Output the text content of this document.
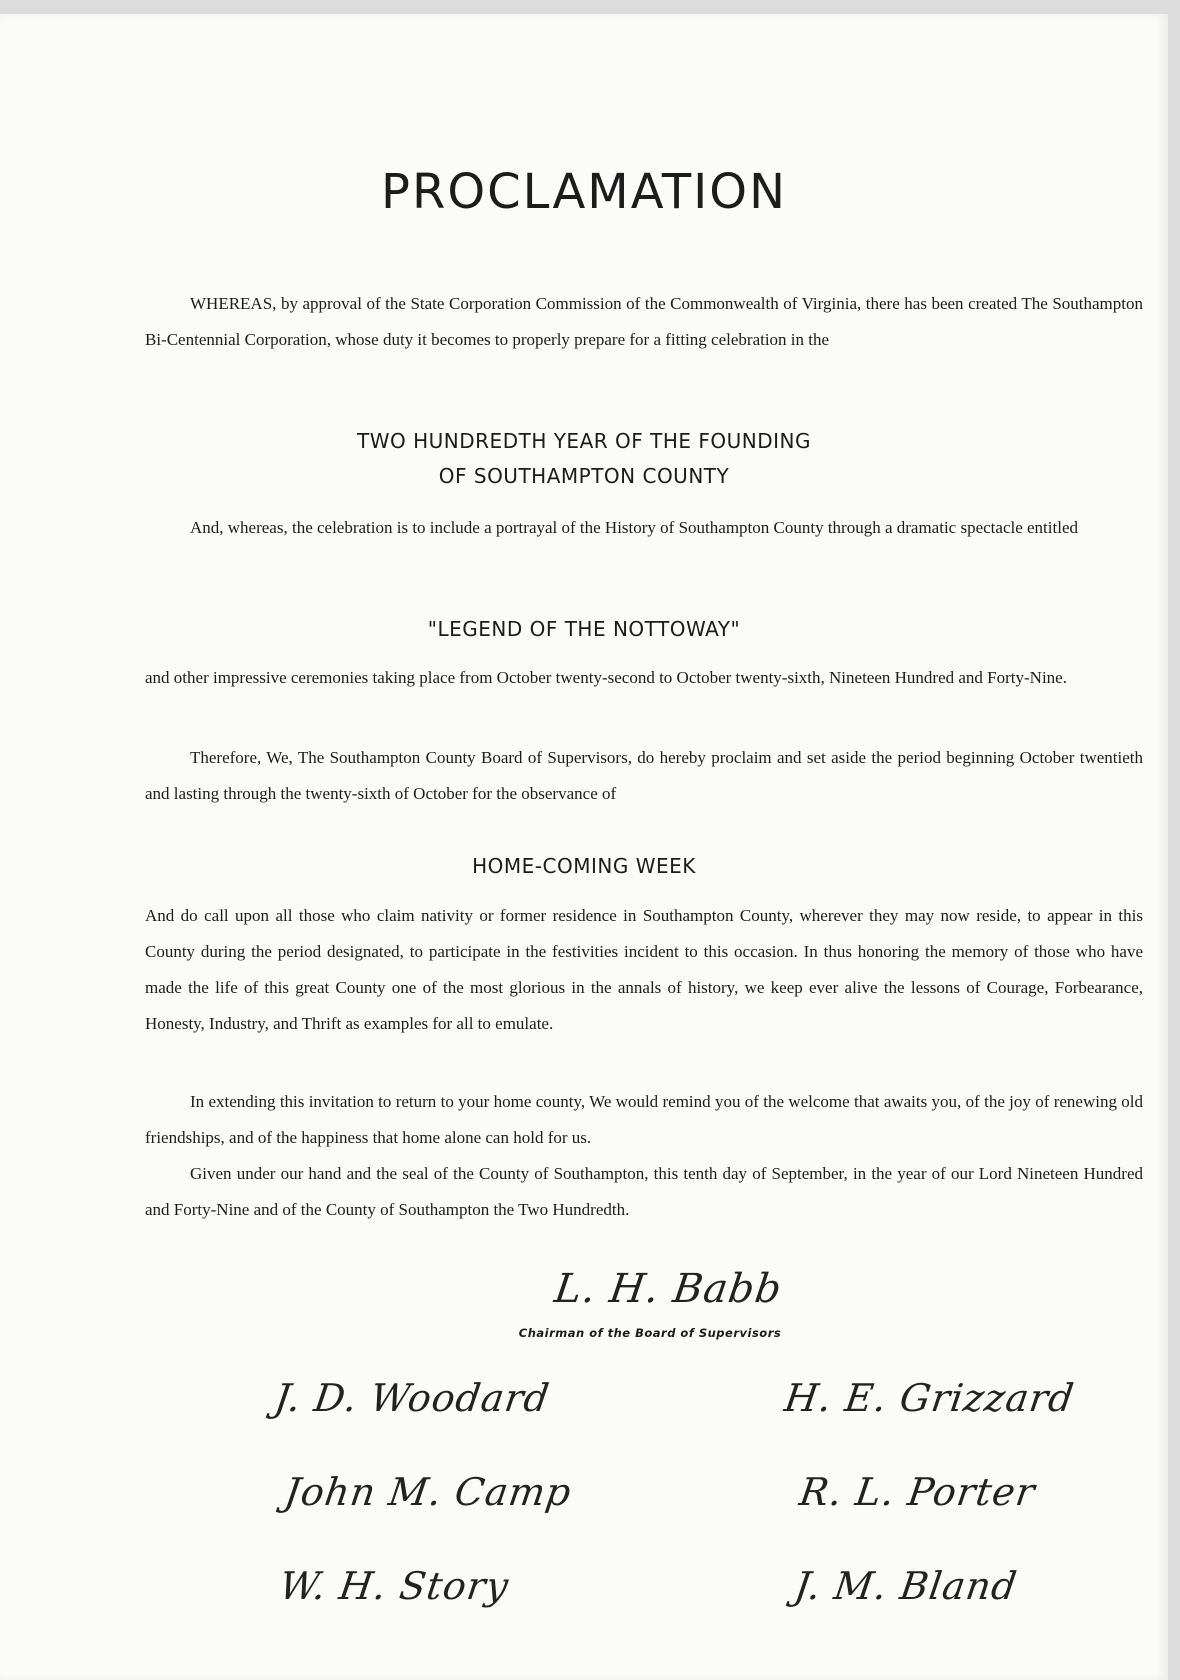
PROCLAMATION

WHEREAS, by approval of the State Corporation Commission of the Commonwealth of Virginia, there has been created The Southampton Bi-Centennial Corporation, whose duty it becomes to properly prepare for a fitting celebration in the

TWO HUNDREDTH YEAR OF THE FOUNDING
OF SOUTHAMPTON COUNTY

And, whereas, the celebration is to include a portrayal of the History of Southampton County through a dramatic spectacle entitled

"LEGEND OF THE NOTTOWAY"

and other impressive ceremonies taking place from October twenty-second to October twenty-sixth, Nineteen Hundred and Forty-Nine.

Therefore, We, The Southampton County Board of Supervisors, do hereby proclaim and set aside the period beginning October twentieth and lasting through the twenty-sixth of October for the observance of

HOME-COMING WEEK

And do call upon all those who claim nativity or former residence in Southampton County, wherever they may now reside, to appear in this County during the period designated, to participate in the festivities incident to this occasion. In thus honoring the memory of those who have made the life of this great County one of the most glorious in the annals of history, we keep ever alive the lessons of Courage, Forbearance, Honesty, Industry, and Thrift as examples for all to emulate.

In extending this invitation to return to your home county, We would remind you of the welcome that awaits you, of the joy of renewing old friendships, and of the happiness that home alone can hold for us.

Given under our hand and the seal of the County of Southampton, this tenth day of September, in the year of our Lord Nineteen Hundred and Forty-Nine and of the County of Southampton the Two Hundredth.

L. H. Babb
Chairman of the Board of Supervisors
J. D. Woodard	H. E. Grizzard
John M. Camp	R. L. Porter
W. H. Story	J. M. Bland
